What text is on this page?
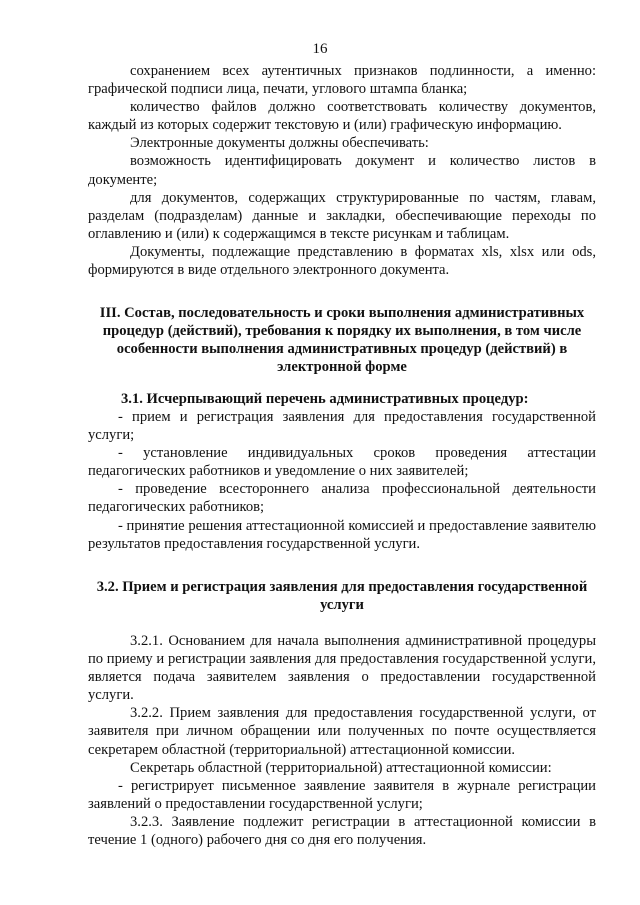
16

сохранением всех аутентичных признаков подлинности, а именно: графической подписи лица, печати, углового штампа бланка;

количество файлов должно соответствовать количеству документов, каждый из которых содержит текстовую и (или) графическую информацию.

Электронные документы должны обеспечивать:

возможность идентифицировать документ и количество листов в документе;

для документов, содержащих структурированные по частям, главам, разделам (подразделам) данные и закладки, обеспечивающие переходы по оглавлению и (или) к содержащимся в тексте рисункам и таблицам.

Документы, подлежащие представлению в форматах xls, xlsx или ods, формируются в виде отдельного электронного документа.

III. Состав, последовательность и сроки выполнения административных процедур (действий), требования к порядку их выполнения, в том числе особенности выполнения административных процедур (действий) в электронной форме

3.1. Исчерпывающий перечень административных процедур:

- прием и регистрация заявления для предоставления государственной услуги;

- установление индивидуальных сроков проведения аттестации педагогических работников и уведомление о них заявителей;

- проведение всестороннего анализа профессиональной деятельности педагогических работников;

- принятие решения аттестационной комиссией и предоставление заявителю результатов предоставления государственной услуги.

3.2. Прием и регистрация заявления для предоставления государственной услуги

3.2.1. Основанием для начала выполнения административной процедуры по приему и регистрации заявления для предоставления государственной услуги, является подача заявителем заявления о предоставлении государственной услуги.

3.2.2. Прием заявления для предоставления государственной услуги, от заявителя при личном обращении или полученных по почте осуществляется секретарем областной (территориальной) аттестационной комиссии.

Секретарь областной (территориальной) аттестационной комиссии:

- регистрирует письменное заявление заявителя в журнале регистрации заявлений о предоставлении государственной услуги;

3.2.3. Заявление подлежит регистрации в аттестационной комиссии в течение 1 (одного) рабочего дня со дня его получения.
